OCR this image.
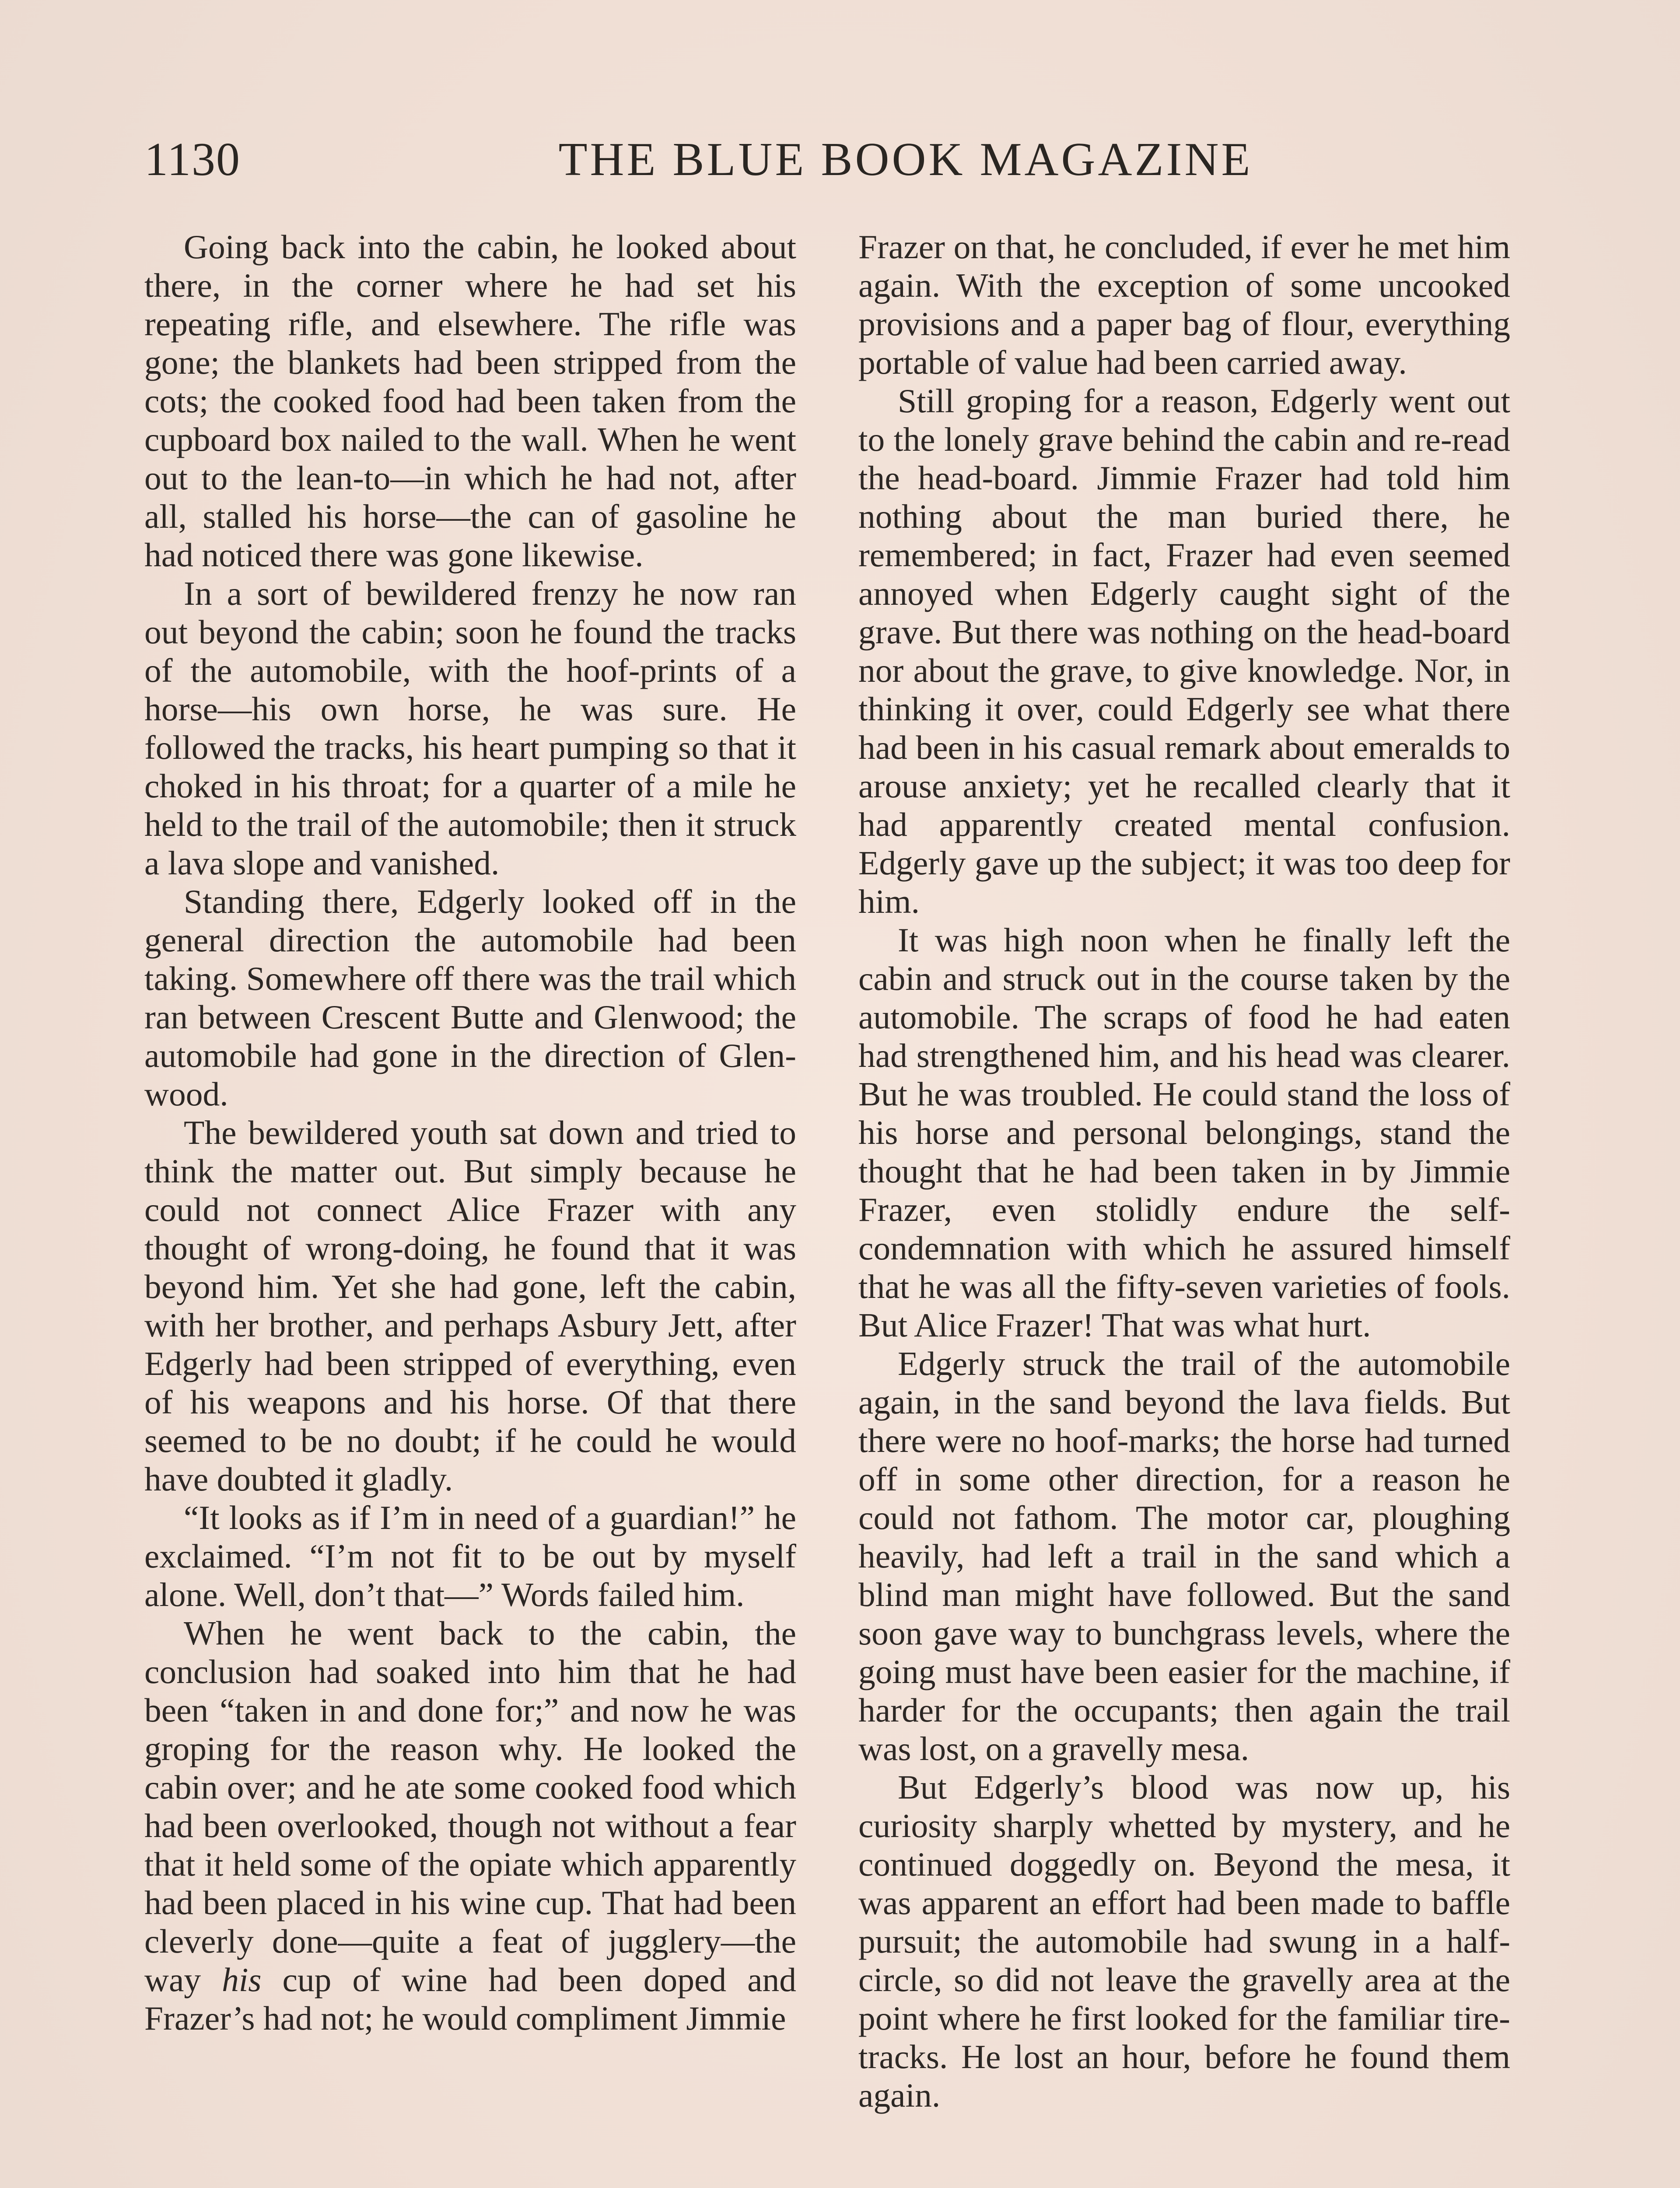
1130	THE BLUE BOOK MAGAZINE

Going back into the cabin, he looked about there, in the corner where he had set his repeating rifle, and elsewhere. The rifle was gone; the blankets had been stripped from the cots; the cooked food had been taken from the cupboard box nailed to the wall. When he went out to the lean-to—in which he had not, after all, stalled his horse—the can of gasoline he had noticed there was gone likewise.

In a sort of bewildered frenzy he now ran out beyond the cabin; soon he found the tracks of the automobile, with the hoof-prints of a horse—his own horse, he was sure. He followed the tracks, his heart pumping so that it choked in his throat; for a quarter of a mile he held to the trail of the automobile; then it struck a lava slope and vanished.

Standing there, Edgerly looked off in the general direction the automobile had been taking. Somewhere off there was the trail which ran between Crescent Butte and Glenwood; the automobile had gone in the direction of Glenwood.

The bewildered youth sat down and tried to think the matter out. But simply because he could not connect Alice Frazer with any thought of wrong-doing, he found that it was beyond him. Yet she had gone, left the cabin, with her brother, and perhaps Asbury Jett, after Edgerly had been stripped of everything, even of his weapons and his horse. Of that there seemed to be no doubt; if he could he would have doubted it gladly.

“It looks as if I’m in need of a guardian!” he exclaimed. “I’m not fit to be out by myself alone. Well, don’t that—” Words failed him.

When he went back to the cabin, the conclusion had soaked into him that he had been “taken in and done for;” and now he was groping for the reason why. He looked the cabin over; and he ate some cooked food which had been overlooked, though not without a fear that it held some of the opiate which apparently had been placed in his wine cup. That had been cleverly done—quite a feat of jugglery—the way his cup of wine had been doped and Frazer’s had not; he would compliment Jimmie

Frazer on that, he concluded, if ever he met him again. With the exception of some uncooked provisions and a paper bag of flour, everything portable of value had been carried away.

Still groping for a reason, Edgerly went out to the lonely grave behind the cabin and re-read the head-board. Jimmie Frazer had told him nothing about the man buried there, he remembered; in fact, Frazer had even seemed annoyed when Edgerly caught sight of the grave. But there was nothing on the head-board nor about the grave, to give knowledge. Nor, in thinking it over, could Edgerly see what there had been in his casual remark about emeralds to arouse anxiety; yet he recalled clearly that it had apparently created mental confusion. Edgerly gave up the subject; it was too deep for him.

It was high noon when he finally left the cabin and struck out in the course taken by the automobile. The scraps of food he had eaten had strengthened him, and his head was clearer. But he was troubled. He could stand the loss of his horse and personal belongings, stand the thought that he had been taken in by Jimmie Frazer, even stolidly endure the self-condemnation with which he assured himself that he was all the fifty-seven varieties of fools. But Alice Frazer! That was what hurt.

Edgerly struck the trail of the automobile again, in the sand beyond the lava fields. But there were no hoof-marks; the horse had turned off in some other direction, for a reason he could not fathom. The motor car, ploughing heavily, had left a trail in the sand which a blind man might have followed. But the sand soon gave way to bunchgrass levels, where the going must have been easier for the machine, if harder for the occupants; then again the trail was lost, on a gravelly mesa.

But Edgerly’s blood was now up, his curiosity sharply whetted by mystery, and he continued doggedly on. Beyond the mesa, it was apparent an effort had been made to baffle pursuit; the automobile had swung in a half-circle, so did not leave the gravelly area at the point where he first looked for the familiar tire-tracks. He lost an hour, before he found them again.
